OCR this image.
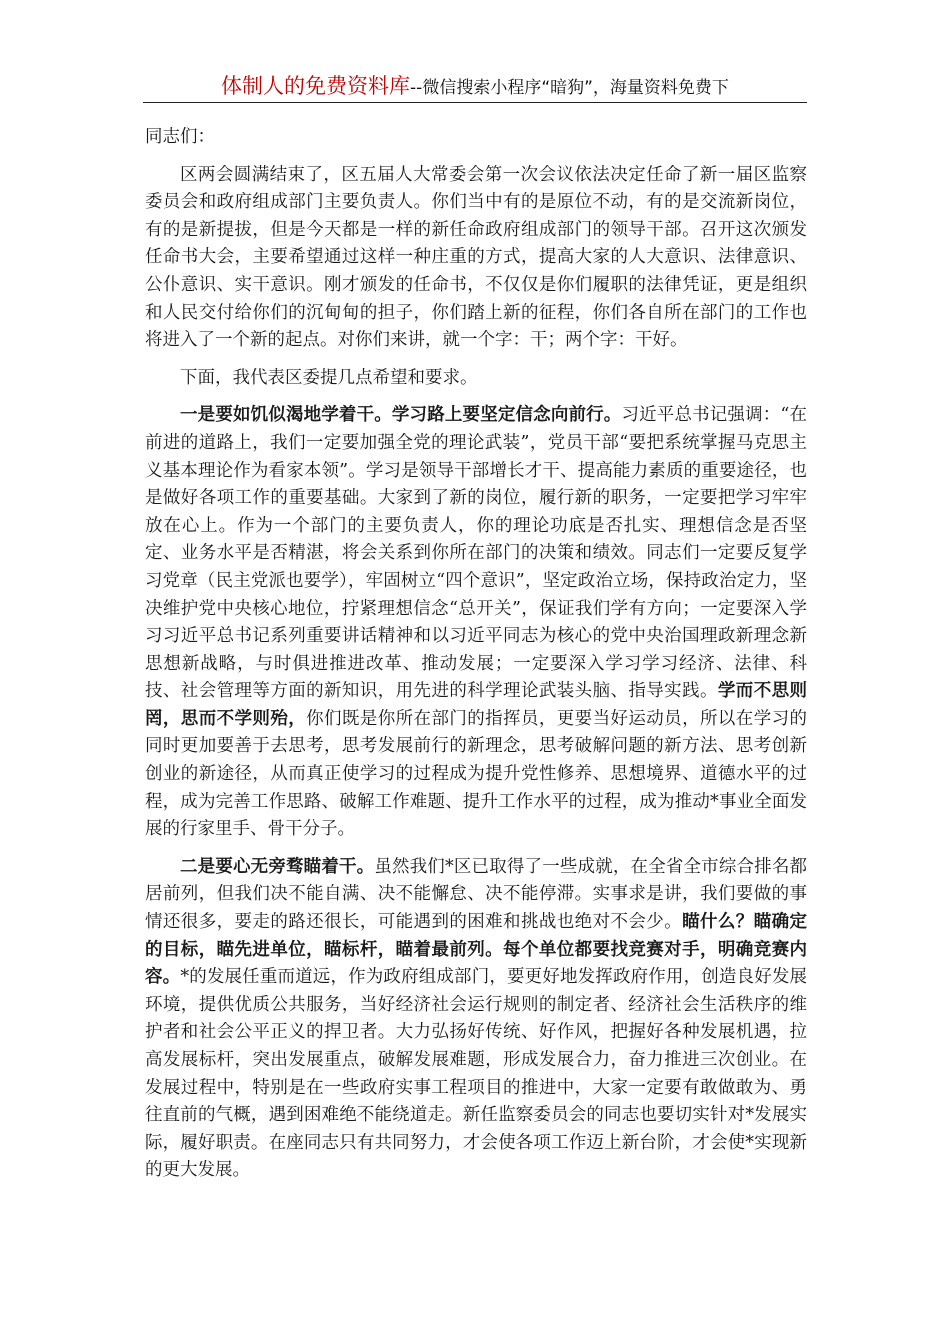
体制人的免费资料库--微信搜索小程序“暗狗”，海量资料免费下

同志们：

区两会圆满结束了，区五届人大常委会第一次会议依法决定任命了新一届区监察委员会和政府组成部门主要负责人。你们当中有的是原位不动，有的是交流新岗位，有的是新提拔，但是今天都是一样的新任命政府组成部门的领导干部。召开这次颁发任命书大会，主要希望通过这样一种庄重的方式，提高大家的人大意识、法律意识、公仆意识、实干意识。刚才颁发的任命书，不仅仅是你们履职的法律凭证，更是组织和人民交付给你们的沉甸甸的担子，你们踏上新的征程，你们各自所在部门的工作也将进入了一个新的起点。对你们来讲，就一个字：干；两个字：干好。

下面，我代表区委提几点希望和要求。

一是要如饥似渴地学着干。学习路上要坚定信念向前行。习近平总书记强调：“在前进的道路上，我们一定要加强全党的理论武装”，党员干部“要把系统掌握马克思主义基本理论作为看家本领”。学习是领导干部增长才干、提高能力素质的重要途径，也是做好各项工作的重要基础。大家到了新的岗位，履行新的职务，一定要把学习牢牢放在心上。作为一个部门的主要负责人，你的理论功底是否扎实、理想信念是否坚定、业务水平是否精湛，将会关系到你所在部门的决策和绩效。同志们一定要反复学习党章（民主党派也要学），牢固树立“四个意识”，坚定政治立场，保持政治定力，坚决维护党中央核心地位，拧紧理想信念“总开关”，保证我们学有方向；一定要深入学习习近平总书记系列重要讲话精神和以习近平同志为核心的党中央治国理政新理念新思想新战略，与时俱进推进改革、推动发展；一定要深入学习学习经济、法律、科技、社会管理等方面的新知识，用先进的科学理论武装头脑、指导实践。学而不思则罔，思而不学则殆，你们既是你所在部门的指挥员，更要当好运动员，所以在学习的同时更加要善于去思考，思考发展前行的新理念，思考破解问题的新方法、思考创新创业的新途径，从而真正使学习的过程成为提升党性修养、思想境界、道德水平的过程，成为完善工作思路、破解工作难题、提升工作水平的过程，成为推动*事业全面发展的行家里手、骨干分子。

二是要心无旁骛瞄着干。虽然我们*区已取得了一些成就，在全省全市综合排名都居前列，但我们决不能自满、决不能懈怠、决不能停滞。实事求是讲，我们要做的事情还很多，要走的路还很长，可能遇到的困难和挑战也绝对不会少。瞄什么？瞄确定的目标，瞄先进单位，瞄标杆，瞄着最前列。每个单位都要找竞赛对手，明确竞赛内容。*的发展任重而道远，作为政府组成部门，要更好地发挥政府作用，创造良好发展环境，提供优质公共服务，当好经济社会运行规则的制定者、经济社会生活秩序的维护者和社会公平正义的捍卫者。大力弘扬好传统、好作风，把握好各种发展机遇，拉高发展标杆，突出发展重点，破解发展难题，形成发展合力，奋力推进三次创业。在发展过程中，特别是在一些政府实事工程项目的推进中，大家一定要有敢做敢为、勇往直前的气概，遇到困难绝不能绕道走。新任监察委员会的同志也要切实针对*发展实际，履好职责。在座同志只有共同努力，才会使各项工作迈上新台阶，才会使*实现新的更大发展。
